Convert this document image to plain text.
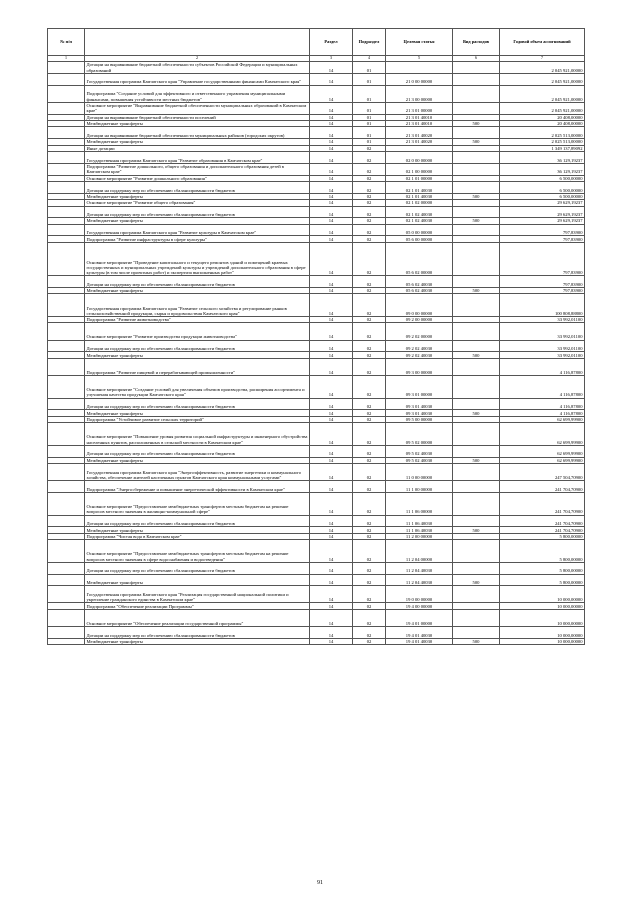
№ п/п		Раздел	Подраздел	Целевая статья	Вид расходов	Годовой объем ассигнований
1	2	3	4	5	6	7
	Дотации на выравнивание бюджетной обеспеченности субъектов Российской Федерации и муниципальных образований	14	01			2 045 921,00000
	Государственная программа Камчатского края "Управление государственными финансами Камчатского края"	14	01	21 0 00 00000		2 045 921,00000
	Подпрограмма "Создание условий для эффективного и ответственного управления муниципальными финансами, повышения устойчивости местных бюджетов"	14	01	21 3 00 00000		2 045 921,00000
	Основное мероприятие "Выравнивание бюджетной обеспеченности муниципальных образований в Камчатском крае"	14	01	21 3 01 00000		2 045 921,00000
	Дотации на выравнивание бюджетной обеспеченности поселений	14	01	21 3 01 40010		20 408,00000
	Межбюджетные трансферты	14	01	21 3 01 40010	500	20 408,00000
	Дотации на выравнивание бюджетной обеспеченности муниципальных районов (городских округов)	14	01	21 3 01 40020		2 025 513,00000
	Межбюджетные трансферты	14	01	21 3 01 40020	500	2 025 513,00000
	Иные дотации	14	02			1 349 137,89092
	Государственная программа Камчатского края "Развитие образования в Камчатском крае"	14	02	02 0 00 00000		36 129,19237
	Подпрограмма "Развитие дошкольного, общего образования и дополнительного образования детей в Камчатском крае"	14	02	02 1 00 00000		36 129,19237
	Основное мероприятие "Развитие дошкольного образования"	14	02	02 1 01 00000		6 500,00000
	Дотации на поддержку мер по обеспечению сбалансированности бюджетов	14	02	02 1 01 40030		6 500,00000
	Межбюджетные трансферты	14	02	02 1 01 40030	500	6 500,00000
	Основное мероприятие "Развитие общего образования"	14	02	02 1 02 00000		29 629,19237
	Дотации на поддержку мер по обеспечению сбалансированности бюджетов	14	02	02 1 02 40030		29 629,19237
	Межбюджетные трансферты	14	02	02 1 02 40030	500	29 629,19237
	Государственная программа Камчатского края "Развитие культуры в Камчатском крае"	14	02	05 0 00 00000		797,83900
	Подпрограмма "Развитие инфраструктуры в сфере культуры"	14	02	05 6 00 00000		797,83900
	Основное мероприятие "Проведение капитального и текущего ремонтов зданий и помещений краевых государственных и муниципальных учреждений культуры и учреждений дополнительного образования в сфере культуры (в том числе проектных работ) и экспертиза выполненных работ"	14	02	05 6 02 00000		797,83900
	Дотации на поддержку мер по обеспечению сбалансированности бюджетов	14	02	05 6 02 40030		797,83900
	Межбюджетные трансферты	14	02	05 6 02 40030	500	797,83900
	Государственная программа Камчатского края "Развитие сельского хозяйства и регулирование рынков сельскохозяйственной продукции, сырья и продовольствия Камчатского края"	14	02	09 0 00 00000		100 808,88800
	Подпрограмма "Развитие животноводства"	14	02	09 2 00 00000		33 992,01100
	Основное мероприятие "Развитие производства продукции животноводства"	14	02	09 2 02 00000		33 992,01100
	Дотации на поддержку мер по обеспечению сбалансированности бюджетов	14	02	09 2 02 40030		33 992,01100
	Межбюджетные трансферты	14	02	09 2 02 40030	500	33 992,01100
	Подпрограмма "Развитие пищевой и перерабатывающей промышленности"	14	02	09 3 00 00000		4 116,87800
	Основное мероприятие "Создание условий для увеличения объемов производства, расширения ассортимента и улучшения качества продукции Камчатского края"	14	02	09 3 01 00000		4 116,87800
	Дотации на поддержку мер по обеспечению сбалансированности бюджетов	14	02	09 3 01 40030		4 116,87800
	Межбюджетные трансферты	14	02	09 3 01 40030	500	4 116,87800
	Подпрограмма "Устойчивое развитие сельских территорий"	14	02	09 5 00 00000		62 699,99900
	Основное мероприятие "Повышение уровня развития социальной инфраструктуры и инженерного обустройства населенных пунктов, расположенных в сельской местности в Камчатском крае"	14	02	09 5 02 00000		62 699,99900
	Дотации на поддержку мер по обеспечению сбалансированности бюджетов	14	02	09 5 02 40030		62 699,99900
	Межбюджетные трансферты	14	02	09 5 02 40030	500	62 699,99900
	Государственная программа Камчатского края "Энергоэффективность, развитие энергетики и коммунального хозяйства, обеспечение жителей населенных пунктов Камчатского края коммунальными услугами"	14	02	11 0 00 00000		247 504,70900
	Подпрограмма "Энергосбережение и повышение энергетической эффективности в Камчатском крае"	14	02	11 1 00 00000		241 704,70900
	Основное мероприятие "Предоставление межбюджетных трансфертов местным бюджетам на решение вопросов местного значения в жилищно-коммунальной сфере"	14	02	11 1 06 00000		241 704,70900
	Дотации на поддержку мер по обеспечению сбалансированности бюджетов	14	02	11 1 06 40030		241 704,70900
	Межбюджетные трансферты	14	02	11 1 06 40030	500	241 704,70900
	Подпрограмма "Чистая вода в Камчатском крае"	14	02	11 2 00 00000		5 800,00000
	Основное мероприятие "Предоставление межбюджетных трансфертов местным бюджетам на решение вопросов местного значения в сфере водоснабжения и водоотведения"	14	02	11 2 04 00000		5 800,00000
	Дотации на поддержку мер по обеспечению сбалансированности бюджетов	14	02	11 2 04 40030		5 800,00000
	Межбюджетные трансферты	14	02	11 2 04 40030	500	5 800,00000
	Государственная программа Камчатского края "Реализация государственной национальной политики и укрепление гражданского единства в Камчатском крае"	14	02	19 0 00 00000		10 000,00000
	Подпрограмма "Обеспечение реализации Программы"	14	02	19 4 00 00000		10 000,00000
	Основное мероприятие "Обеспечение реализации государственной программы"	14	02	19 4 01 00000		10 000,00000
	Дотации на поддержку мер по обеспечению сбалансированности бюджетов	14	02	19 4 01 40030		10 000,00000
	Межбюджетные трансферты	14	02	19 4 01 40030	500	10 000,00000
91
